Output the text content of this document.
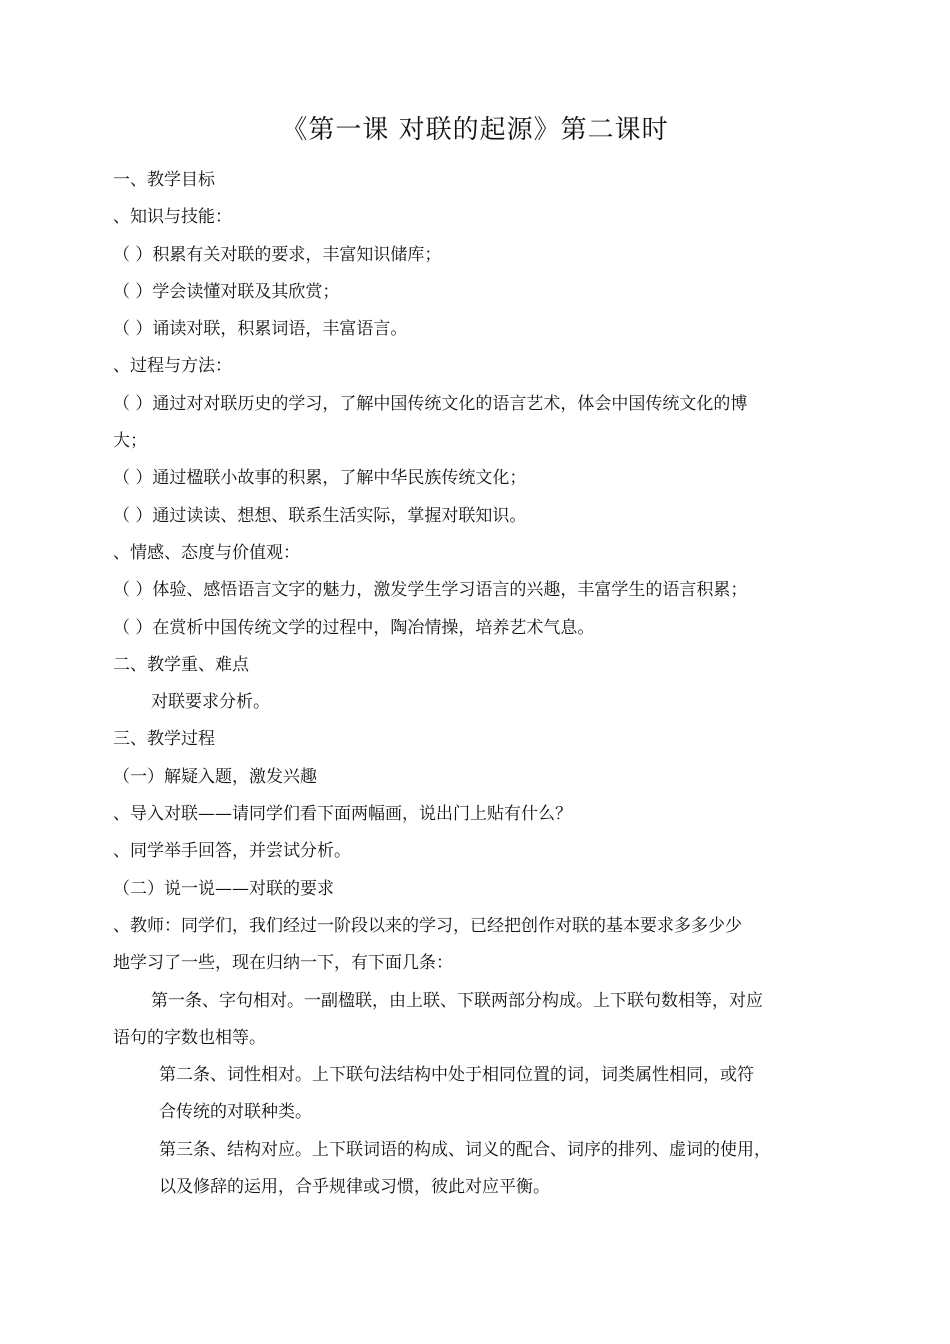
《第一课 对联的起源》第二课时
一、教学目标
、知识与技能：
（ ）积累有关对联的要求，丰富知识储库；
（ ）学会读懂对联及其欣赏；
（ ）诵读对联，积累词语，丰富语言。
、过程与方法：
（ ）通过对对联历史的学习，了解中国传统文化的语言艺术，体会中国传统文化的博
大；
（ ）通过楹联小故事的积累，了解中华民族传统文化；
（ ）通过读读、想想、联系生活实际，掌握对联知识。
、情感、态度与价值观：
（ ）体验、感悟语言文字的魅力，激发学生学习语言的兴趣，丰富学生的语言积累；
（ ）在赏析中国传统文学的过程中，陶冶情操，培养艺术气息。
二、教学重、难点
对联要求分析。
三、教学过程
（一）解疑入题，激发兴趣
、导入对联——请同学们看下面两幅画，说出门上贴有什么？
、同学举手回答，并尝试分析。
（二）说一说——对联的要求
、教师：同学们，我们经过一阶段以来的学习，已经把创作对联的基本要求多多少少
地学习了一些，现在归纳一下，有下面几条：
第一条、字句相对。一副楹联，由上联、下联两部分构成。上下联句数相等，对应
语句的字数也相等。
第二条、词性相对。上下联句法结构中处于相同位置的词，词类属性相同，或符
合传统的对联种类。
第三条、结构对应。上下联词语的构成、词义的配合、词序的排列、虚词的使用，
以及修辞的运用，合乎规律或习惯，彼此对应平衡。
